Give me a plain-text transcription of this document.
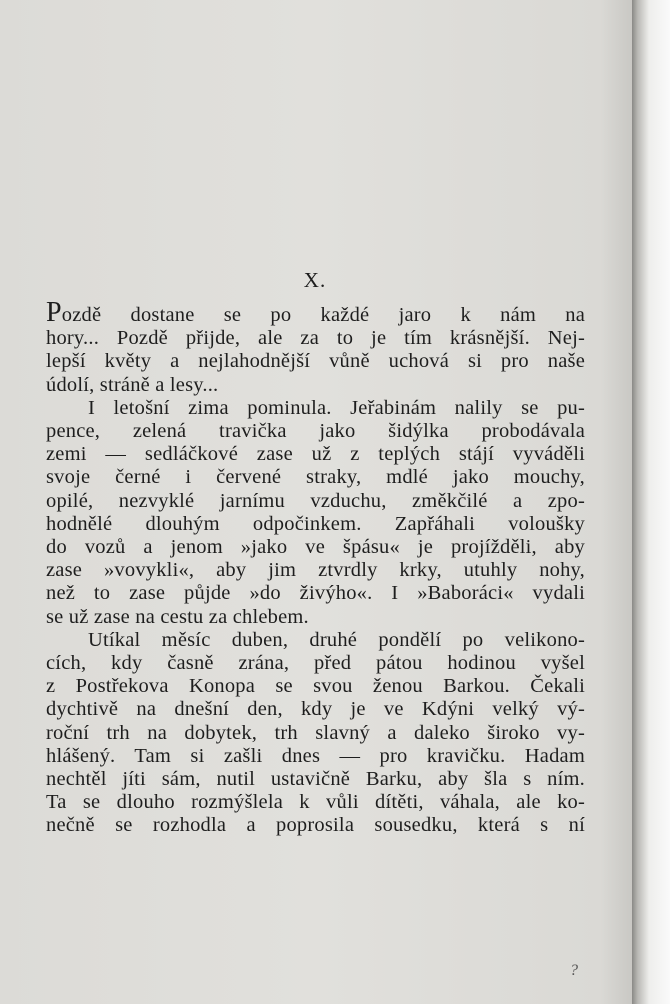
X.
Pozdě dostane se po každé jaro k nám na
hory... Pozdě přijde, ale za to je tím krásnější. Nej-
lepší květy a nejlahodnější vůně uchová si pro naše
údolí, stráně a lesy...
I letošní zima pominula. Jeřabinám nalily se pu-
pence, zelená travička jako šidýlka probodávala
zemi — sedláčkové zase už z teplých stájí vyváděli
svoje černé i červené straky, mdlé jako mouchy,
opilé, nezvyklé jarnímu vzduchu, změkčilé a zpo-
hodnělé dlouhým odpočinkem. Zapřáhali voloušky
do vozů a jenom »jako ve špásu« je projížděli, aby
zase »vovykli«, aby jim ztvrdly krky, utuhly nohy,
než to zase půjde »do živýho«. I »Baboráci« vydali
se už zase na cestu za chlebem.
Utíkal měsíc duben, druhé pondělí po velikono-
cích, kdy časně zrána, před pátou hodinou vyšel
z Postřekova Konopa se svou ženou Barkou. Čekali
dychtivě na dnešní den, kdy je ve Kdýni velký vý-
roční trh na dobytek, trh slavný a daleko široko vy-
hlášený. Tam si zašli dnes — pro kravičku. Hadam
nechtěl jíti sám, nutil ustavičně Barku, aby šla s ním.
Ta se dlouho rozmýšlela k vůli dítěti, váhala, ale ko-
nečně se rozhodla a poprosila sousedku, která s ní
?
